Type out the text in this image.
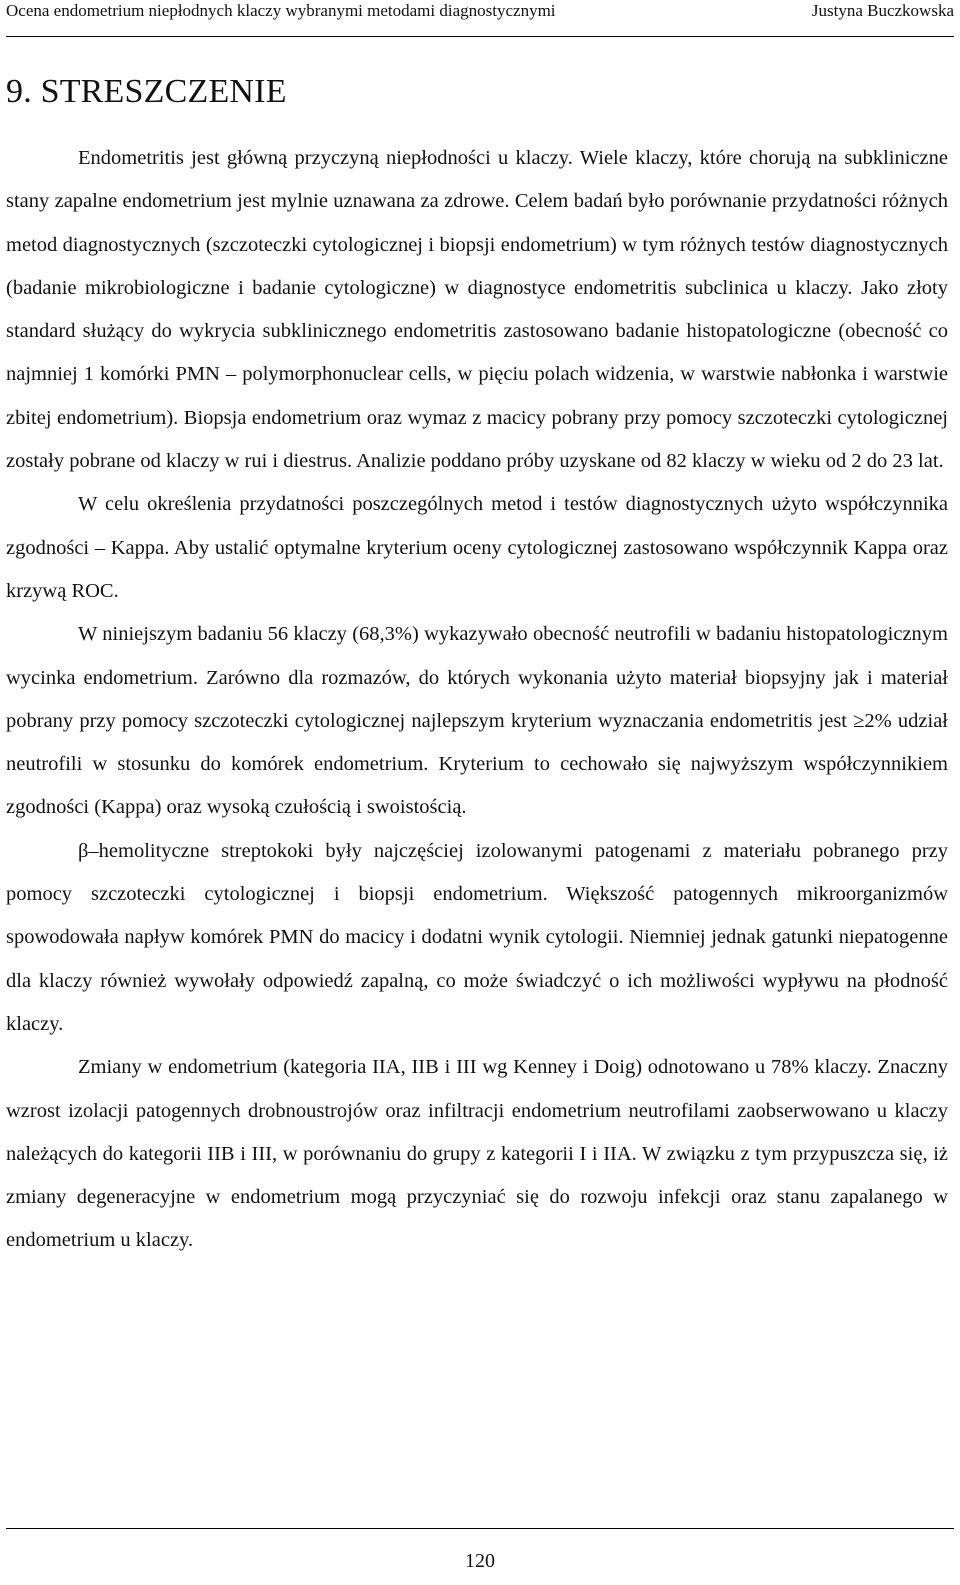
Ocena endometrium niepłodnych klaczy wybranymi metodami diagnostycznymi	Justyna Buczkowska
9. STRESZCZENIE

Endometritis jest główną przyczyną niepłodności u klaczy. Wiele klaczy, które chorują na subkliniczne stany zapalne endometrium jest mylnie uznawana za zdrowe. Celem badań było porównanie przydatności różnych metod diagnostycznych (szczoteczki cytologicznej i biopsji endometrium) w tym różnych testów diagnostycznych (badanie mikrobiologiczne i badanie cytologiczne) w diagnostyce endometritis subclinica u klaczy. Jako złoty standard służący do wykrycia subklinicznego endometritis zastosowano badanie histopatologiczne (obecność co najmniej 1 komórki PMN – polymorphonuclear cells, w pięciu polach widzenia, w warstwie nabłonka i warstwie zbitej endometrium). Biopsja endometrium oraz wymaz z macicy pobrany przy pomocy szczoteczki cytologicznej zostały pobrane od klaczy w rui i diestrus. Analizie poddano próby uzyskane od 82 klaczy w wieku od 2 do 23 lat.

W celu określenia przydatności poszczególnych metod i testów diagnostycznych użyto współczynnika zgodności – Kappa. Aby ustalić optymalne kryterium oceny cytologicznej zastosowano współczynnik Kappa oraz krzywą ROC.

W niniejszym badaniu 56 klaczy (68,3%) wykazywało obecność neutrofili w badaniu histopatologicznym wycinka endometrium. Zarówno dla rozmazów, do których wykonania użyto materiał biopsyjny jak i materiał pobrany przy pomocy szczoteczki cytologicznej najlepszym kryterium wyznaczania endometritis jest ≥2% udział neutrofili w stosunku do komórek endometrium. Kryterium to cechowało się najwyższym współczynnikiem zgodności (Kappa) oraz wysoką czułością i swoistością.

β–hemolityczne streptokoki były najczęściej izolowanymi patogenami z materiału pobranego przy pomocy szczoteczki cytologicznej i biopsji endometrium. Większość patogennych mikroorganizmów spowodowała napływ komórek PMN do macicy i dodatni wynik cytologii. Niemniej jednak gatunki niepatogenne dla klaczy również wywołały odpowiedź zapalną, co może świadczyć o ich możliwości wypływu na płodność klaczy.

Zmiany w endometrium (kategoria IIA, IIB i III wg Kenney i Doig) odnotowano u 78% klaczy. Znaczny wzrost izolacji patogennych drobnoustrojów oraz infiltracji endometrium neutrofilami zaobserwowano u klaczy należących do kategorii IIB i III, w porównaniu do grupy z kategorii I i IIA. W związku z tym przypuszcza się, iż zmiany degeneracyjne w endometrium mogą przyczyniać się do rozwoju infekcji oraz stanu zapalanego w endometrium u klaczy.

120
